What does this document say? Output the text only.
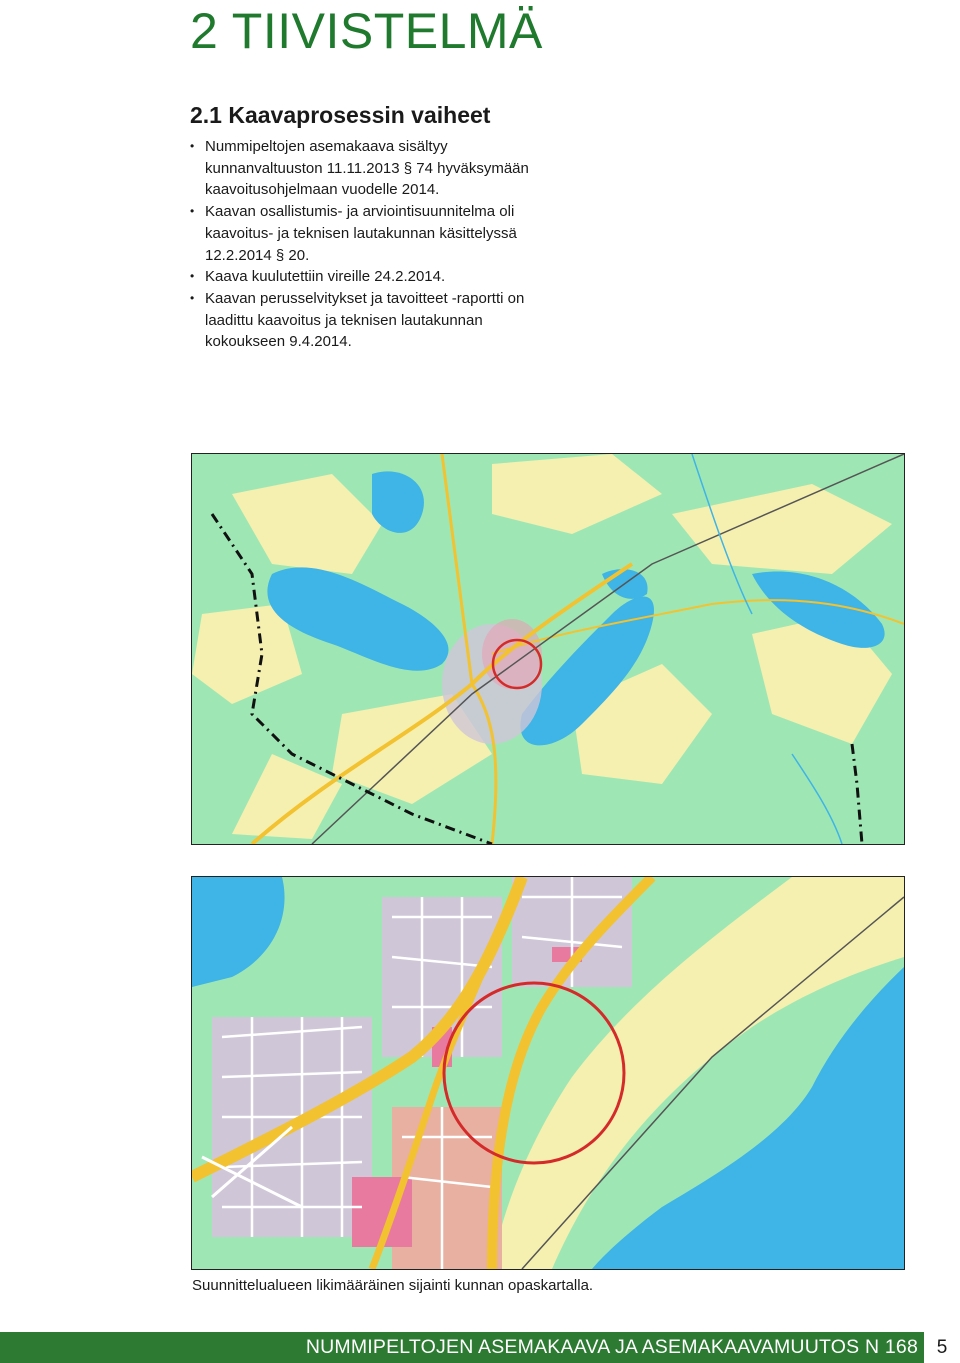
2 TIIVISTELMÄ
2.1 Kaavaprosessin vaiheet
• Nummipeltojen asemakaava sisältyy kunnanvaltuuston 11.11.2013 § 74 hyväksymään kaavoitusohjelmaan vuodelle 2014.
• Kaavan osallistumis- ja arviointisuunnitelma oli kaavoitus- ja teknisen lautakunnan käsittelyssä 12.2.2014 § 20.
• Kaava kuulutettiin vireille 24.2.2014.
• Kaavan perusselvitykset ja tavoitteet -raportti on laadittu kaavoitus ja teknisen lautakunnan kokoukseen 9.4.2014.

Suunnittelualueen likimääräinen sijainti kunnan opaskartalla.

NUMMIPELTOJEN ASEMAKAAVA JA ASEMAKAAVAMUUTOS N 168 5
